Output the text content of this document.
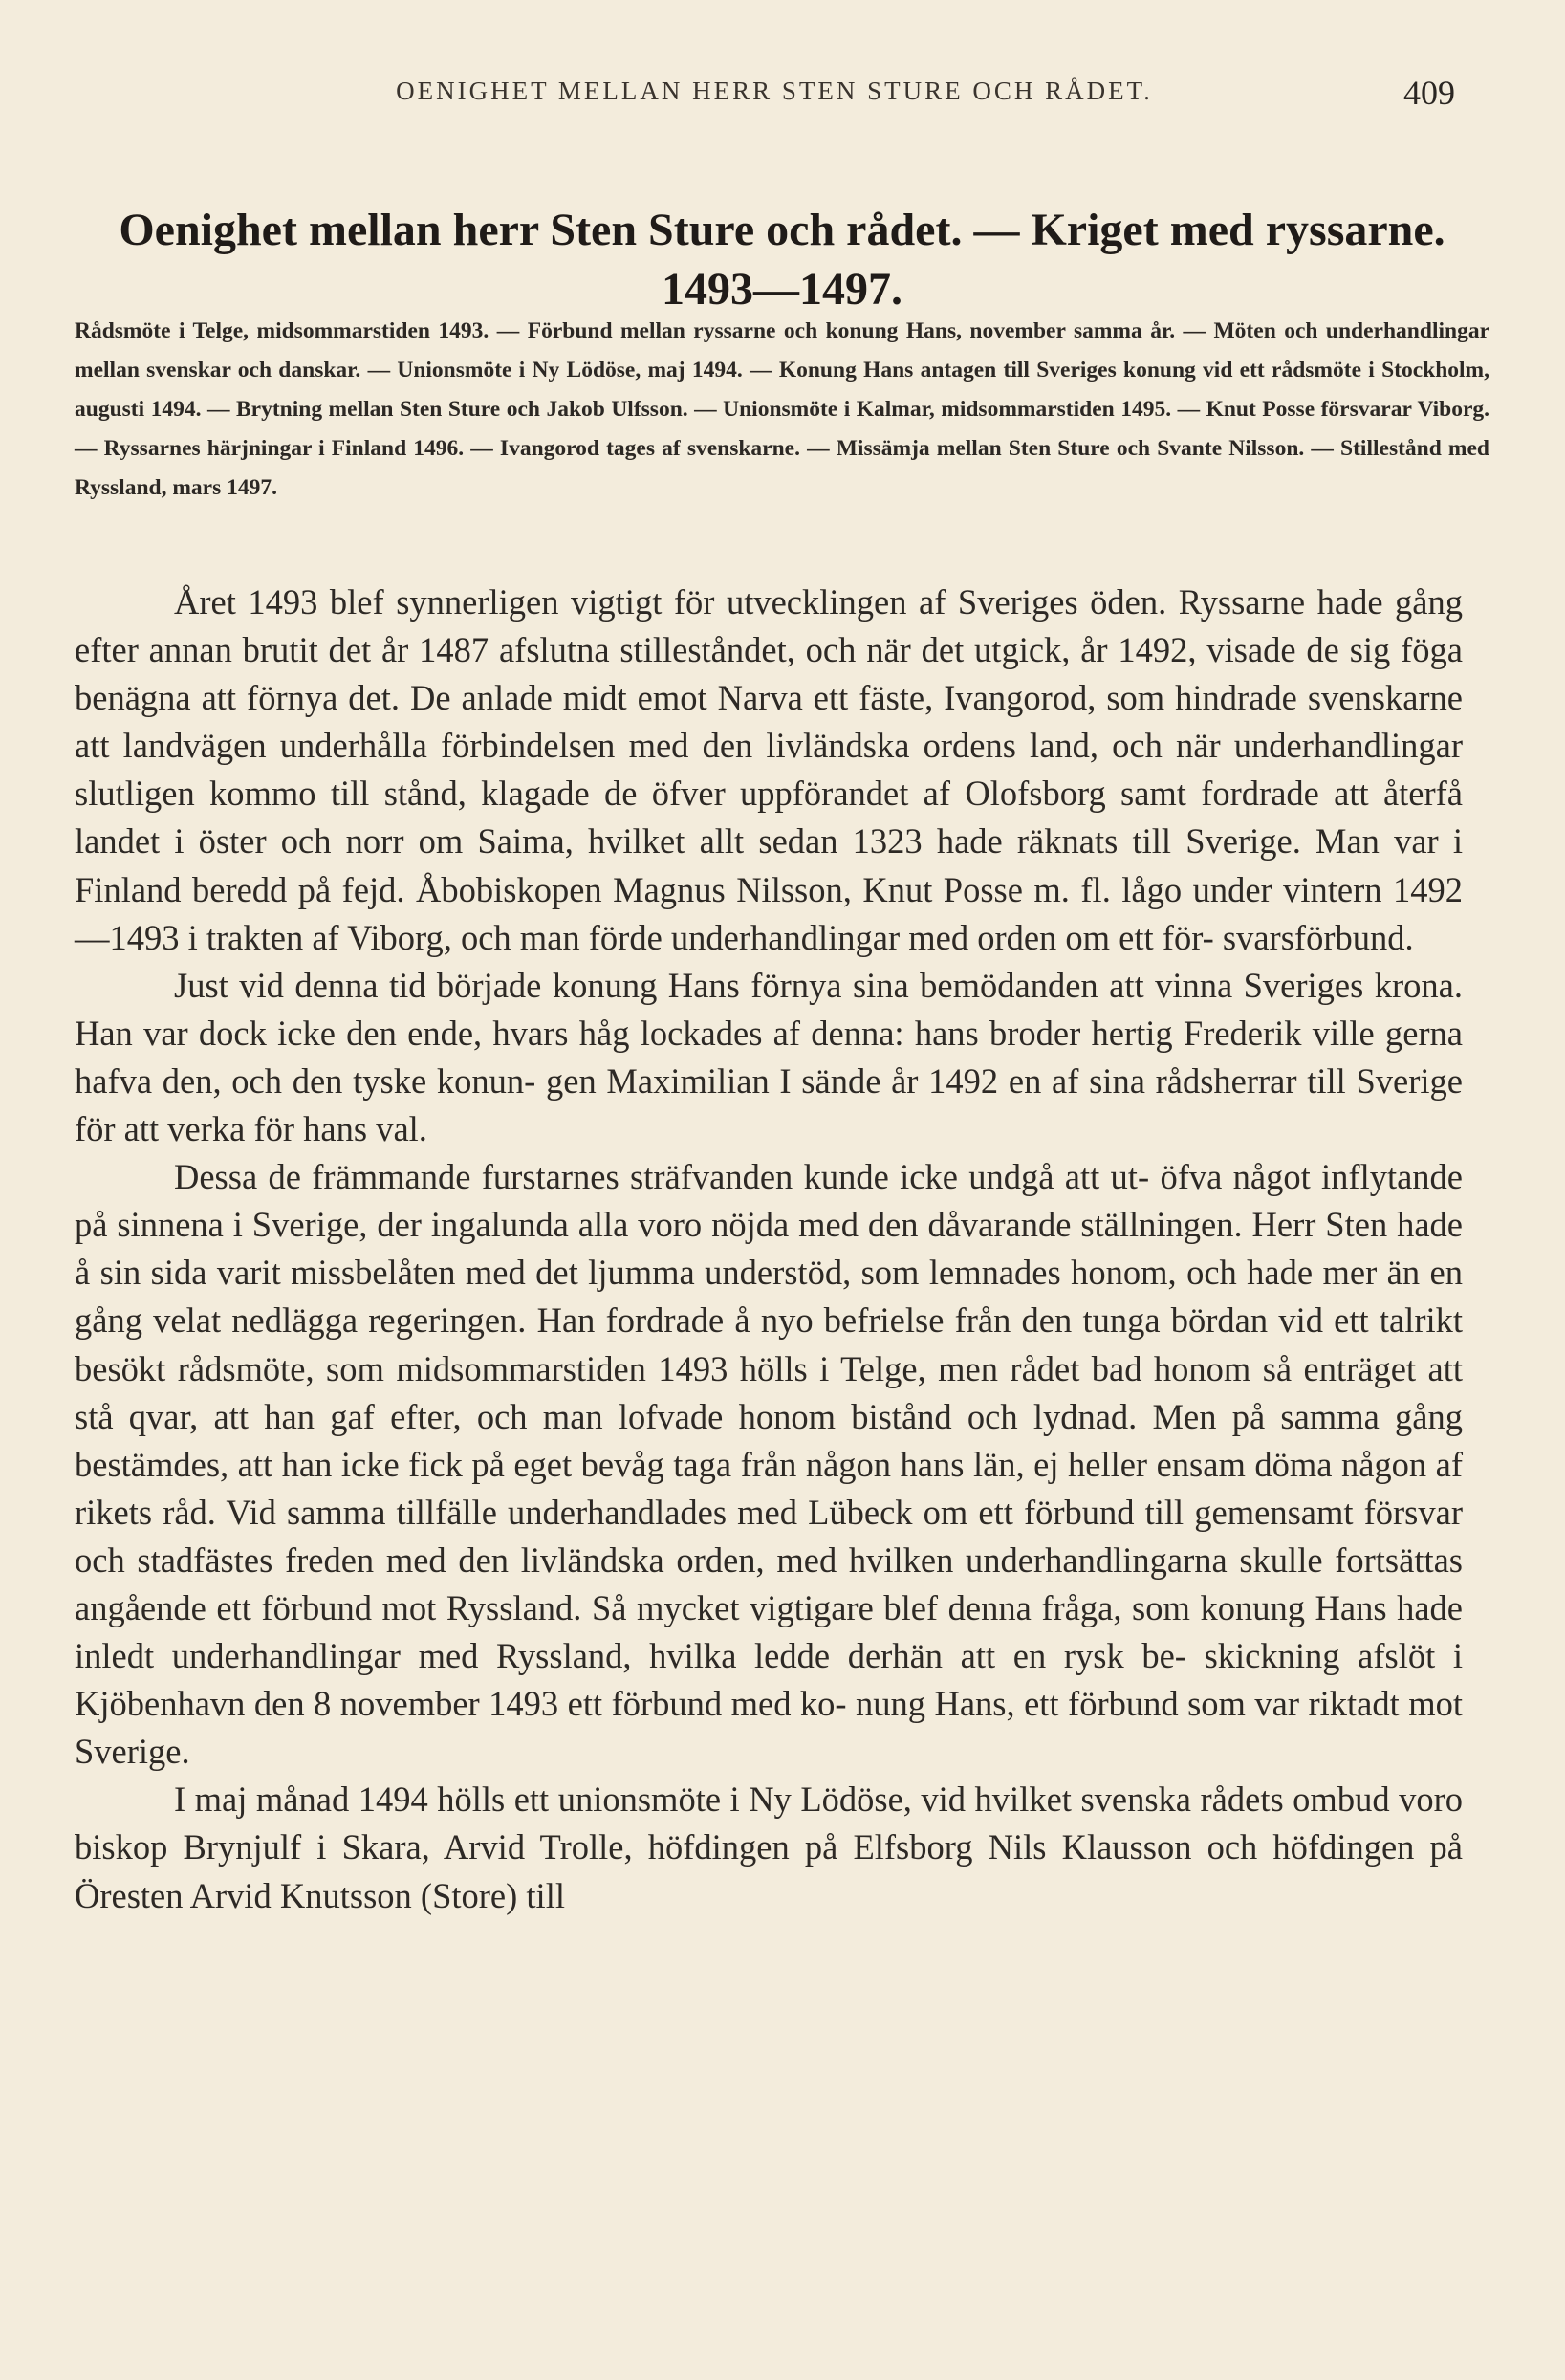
OENIGHET MELLAN HERR STEN STURE OCH RÅDET.	409
Oenighet mellan herr Sten Sture och rådet. — Kriget med ryssarne.
1493—1497.
Rådsmöte i Telge, midsommarstiden 1493. — Förbund mellan ryssarne och konung Hans, november samma år. — Möten och underhandlingar mellan svenskar och danskar. — Unionsmöte i Ny Lödöse, maj 1494. — Konung Hans antagen till Sveriges konung vid ett rådsmöte i Stockholm, augusti 1494. — Brytning mellan Sten Sture och Jakob Ulfsson. — Unionsmöte i Kalmar, midsommarstiden 1495. — Knut Posse försvarar Viborg. — Ryssarnes härjningar i Finland 1496. — Ivangorod tages af svenskarne. — Missämja mellan Sten Sture och Svante Nilsson. — Stillestånd med Ryssland, mars 1497.

Året 1493 blef synnerligen vigtigt för utvecklingen af Sveriges öden. Ryssarne hade gång efter annan brutit det år 1487 afslutna stilleståndet, och när det utgick, år 1492, visade de sig föga benägna att förnya det. De anlade midt emot Narva ett fäste, Ivangorod, som hindrade svenskarne att landvägen underhålla förbindelsen med den livländska ordens land, och när underhandlingar slutligen kommo till stånd, klagade de öfver uppförandet af Olofsborg samt fordrade att återfå landet i öster och norr om Saima, hvilket allt sedan 1323 hade räknats till Sverige. Man var i Finland beredd på fejd. Åbobiskopen Magnus Nilsson, Knut Posse m. fl. lågo under vintern 1492—1493 i trakten af Viborg, och man förde underhandlingar med orden om ett för- svarsförbund.

Just vid denna tid började konung Hans förnya sina bemödanden att vinna Sveriges krona. Han var dock icke den ende, hvars håg lockades af denna: hans broder hertig Frederik ville gerna hafva den, och den tyske konun- gen Maximilian I sände år 1492 en af sina rådsherrar till Sverige för att verka för hans val.

Dessa de främmande furstarnes sträfvanden kunde icke undgå att ut- öfva något inflytande på sinnena i Sverige, der ingalunda alla voro nöjda med den dåvarande ställningen. Herr Sten hade å sin sida varit missbelåten med det ljumma understöd, som lemnades honom, och hade mer än en gång velat nedlägga regeringen. Han fordrade å nyo befrielse från den tunga bördan vid ett talrikt besökt rådsmöte, som midsommarstiden 1493 hölls i Telge, men rådet bad honom så enträget att stå qvar, att han gaf efter, och man lofvade honom bistånd och lydnad. Men på samma gång bestämdes, att han icke fick på eget bevåg taga från någon hans län, ej heller ensam döma någon af rikets råd. Vid samma tillfälle underhandlades med Lübeck om ett förbund till gemensamt försvar och stadfästes freden med den livländska orden, med hvilken underhandlingarna skulle fortsättas angående ett förbund mot Ryssland. Så mycket vigtigare blef denna fråga, som konung Hans hade inledt underhandlingar med Ryssland, hvilka ledde derhän att en rysk be- skickning afslöt i Kjöbenhavn den 8 november 1493 ett förbund med ko- nung Hans, ett förbund som var riktadt mot Sverige.

I maj månad 1494 hölls ett unionsmöte i Ny Lödöse, vid hvilket svenska rådets ombud voro biskop Brynjulf i Skara, Arvid Trolle, höfdingen på Elfsborg Nils Klausson och höfdingen på Öresten Arvid Knutsson (Store) till
